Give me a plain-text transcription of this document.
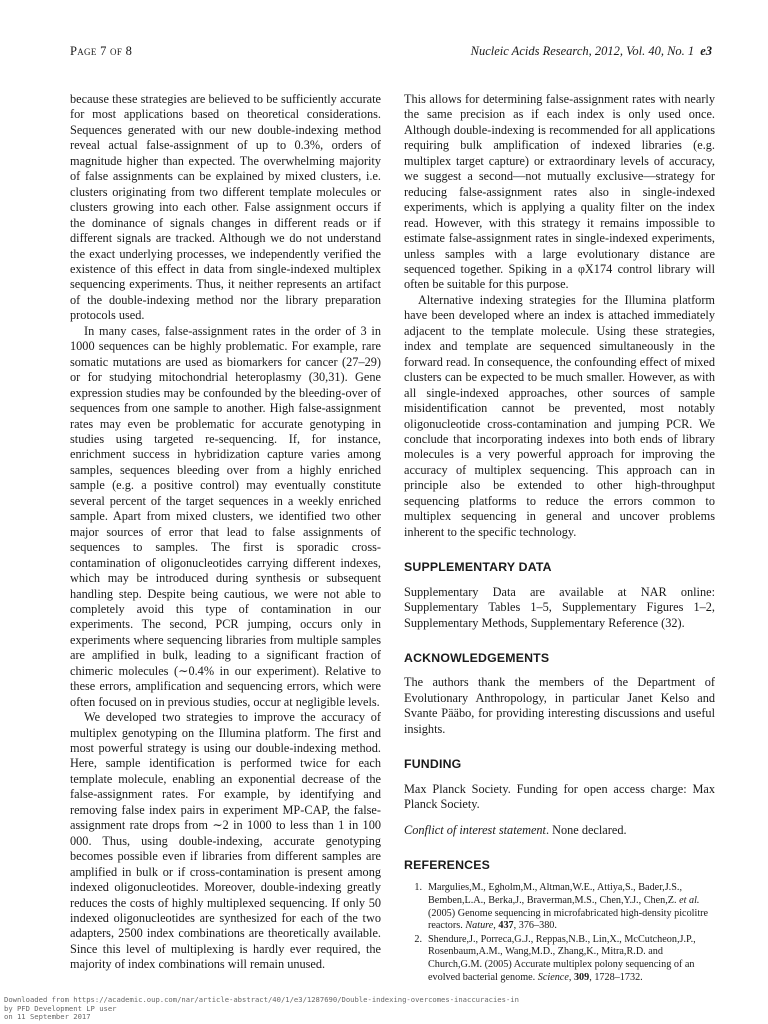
Page 7 of 8	Nucleic Acids Research, 2012, Vol. 40, No. 1 e3

because these strategies are believed to be sufficiently accurate for most applications based on theoretical considerations. Sequences generated with our new double-indexing method reveal actual false-assignment of up to 0.3%, orders of magnitude higher than expected. The overwhelming majority of false assignments can be explained by mixed clusters, i.e. clusters originating from two different template molecules or clusters growing into each other. False assignment occurs if the dominance of signals changes in different reads or if different signals are tracked. Although we do not understand the exact underlying processes, we independently verified the existence of this effect in data from single-indexed multiplex sequencing experiments. Thus, it neither represents an artifact of the double-indexing method nor the library preparation protocols used.

In many cases, false-assignment rates in the order of 3 in 1000 sequences can be highly problematic. For example, rare somatic mutations are used as biomarkers for cancer (27–29) or for studying mitochondrial heteroplasmy (30,31). Gene expression studies may be confounded by the bleeding-over of sequences from one sample to another. High false-assignment rates may even be problematic for accurate genotyping in studies using targeted re-sequencing. If, for instance, enrichment success in hybridization capture varies among samples, sequences bleeding over from a highly enriched sample (e.g. a positive control) may eventually constitute several percent of the target sequences in a weekly enriched sample. Apart from mixed clusters, we identified two other major sources of error that lead to false assignments of sequences to samples. The first is sporadic cross-contamination of oligonucleotides carrying different indexes, which may be introduced during synthesis or subsequent handling step. Despite being cautious, we were not able to completely avoid this type of contamination in our experiments. The second, PCR jumping, occurs only in experiments where sequencing libraries from multiple samples are amplified in bulk, leading to a significant fraction of chimeric molecules (∼0.4% in our experiment). Relative to these errors, amplification and sequencing errors, which were often focused on in previous studies, occur at negligible levels.

We developed two strategies to improve the accuracy of multiplex genotyping on the Illumina platform. The first and most powerful strategy is using our double-indexing method. Here, sample identification is performed twice for each template molecule, enabling an exponential decrease of the false-assignment rates. For example, by identifying and removing false index pairs in experiment MP-CAP, the false-assignment rate drops from ∼2 in 1000 to less than 1 in 100 000. Thus, using double-indexing, accurate genotyping becomes possible even if libraries from different samples are amplified in bulk or if cross-contamination is present among indexed oligonucleotides. Moreover, double-indexing greatly reduces the costs of highly multiplexed sequencing. If only 50 indexed oligonucleotides are synthesized for each of the two adapters, 2500 index combinations are theoretically available. Since this level of multiplexing is hardly ever required, the majority of index combinations will remain unused.

This allows for determining false-assignment rates with nearly the same precision as if each index is only used once. Although double-indexing is recommended for all applications requiring bulk amplification of indexed libraries (e.g. multiplex target capture) or extraordinary levels of accuracy, we suggest a second—not mutually exclusive—strategy for reducing false-assignment rates also in single-indexed experiments, which is applying a quality filter on the index read. However, with this strategy it remains impossible to estimate false-assignment rates in single-indexed experiments, unless samples with a large evolutionary distance are sequenced together. Spiking in a φX174 control library will often be suitable for this purpose.

Alternative indexing strategies for the Illumina platform have been developed where an index is attached immediately adjacent to the template molecule. Using these strategies, index and template are sequenced simultaneously in the forward read. In consequence, the confounding effect of mixed clusters can be expected to be much smaller. However, as with all single-indexed approaches, other sources of sample misidentification cannot be prevented, most notably oligonucleotide cross-contamination and jumping PCR. We conclude that incorporating indexes into both ends of library molecules is a very powerful approach for improving the accuracy of multiplex sequencing. This approach can in principle also be extended to other high-throughput sequencing platforms to reduce the errors common to multiplex sequencing in general and uncover problems inherent to the specific technology.

SUPPLEMENTARY DATA

Supplementary Data are available at NAR online: Supplementary Tables 1–5, Supplementary Figures 1–2, Supplementary Methods, Supplementary Reference (32).

ACKNOWLEDGEMENTS

The authors thank the members of the Department of Evolutionary Anthropology, in particular Janet Kelso and Svante Pääbo, for providing interesting discussions and useful insights.

FUNDING

Max Planck Society. Funding for open access charge: Max Planck Society.

Conflict of interest statement. None declared.

REFERENCES
1. Margulies,M., Egholm,M., Altman,W.E., Attiya,S., Bader,J.S., Bemben,L.A., Berka,J., Braverman,M.S., Chen,Y.J., Chen,Z. et al. (2005) Genome sequencing in microfabricated high-density picolitre reactors. Nature, 437, 376–380.
2. Shendure,J., Porreca,G.J., Reppas,N.B., Lin,X., McCutcheon,J.P., Rosenbaum,A.M., Wang,M.D., Zhang,K., Mitra,R.D. and Church,G.M. (2005) Accurate multiplex polony sequencing of an evolved bacterial genome. Science, 309, 1728–1732.
Downloaded from https://academic.oup.com/nar/article-abstract/40/1/e3/1287690/Double-indexing-overcomes-inaccuracies-in
by PFD Development LP user
on 11 September 2017
